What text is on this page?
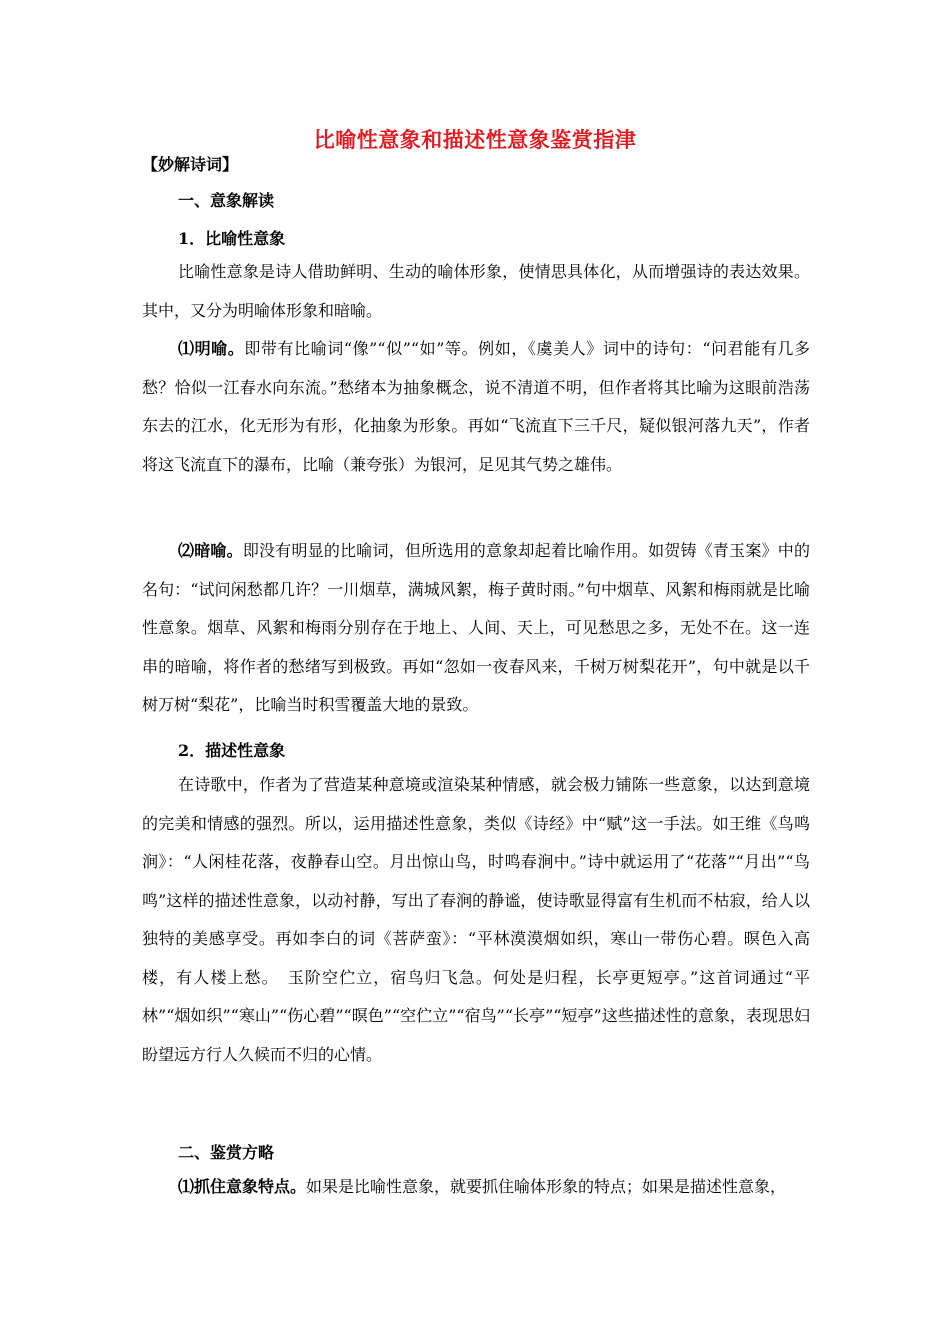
比喻性意象和描述性意象鉴赏指津
【妙解诗词】
一、意象解读
1．比喻性意象

比喻性意象是诗人借助鲜明、生动的喻体形象，使情思具体化，从而增强诗的表达效果。其中，又分为明喻体形象和暗喻。

⑴明喻。即带有比喻词“像”“似”“如”等。例如，《虞美人》词中的诗句：“问君能有几多愁？恰似一江春水向东流。”愁绪本为抽象概念，说不清道不明，但作者将其比喻为这眼前浩荡东去的江水，化无形为有形，化抽象为形象。再如“飞流直下三千尺，疑似银河落九天”，作者将这飞流直下的瀑布，比喻（兼夸张）为银河，足见其气势之雄伟。

⑵暗喻。即没有明显的比喻词，但所选用的意象却起着比喻作用。如贺铸《青玉案》中的名句：“试问闲愁都几许？一川烟草，满城风絮，梅子黄时雨。”句中烟草、风絮和梅雨就是比喻性意象。烟草、风絮和梅雨分别存在于地上、人间、天上，可见愁思之多，无处不在。这一连串的暗喻，将作者的愁绪写到极致。再如“忽如一夜春风来，千树万树梨花开”，句中就是以千树万树“梨花”，比喻当时积雪覆盖大地的景致。

2．描述性意象

在诗歌中，作者为了营造某种意境或渲染某种情感，就会极力铺陈一些意象，以达到意境的完美和情感的强烈。所以，运用描述性意象，类似《诗经》中“赋”这一手法。如王维《鸟鸣涧》：“人闲桂花落，夜静春山空。月出惊山鸟，时鸣春涧中。”诗中就运用了“花落”“月出”“鸟鸣”这样的描述性意象，以动衬静，写出了春涧的静谧，使诗歌显得富有生机而不枯寂，给人以独特的美感享受。再如李白的词《菩萨蛮》：“平林漠漠烟如织，寒山一带伤心碧。暝色入高楼，有人楼上愁。　玉阶空伫立，宿鸟归飞急。何处是归程，长亭更短亭。”这首词通过“平林”“烟如织”“寒山”“伤心碧”“暝色”“空伫立”“宿鸟”“长亭”“短亭”这些描述性的意象，表现思妇盼望远方行人久候而不归的心情。

二、鉴赏方略

⑴抓住意象特点。如果是比喻性意象，就要抓住喻体形象的特点；如果是描述性意象，
